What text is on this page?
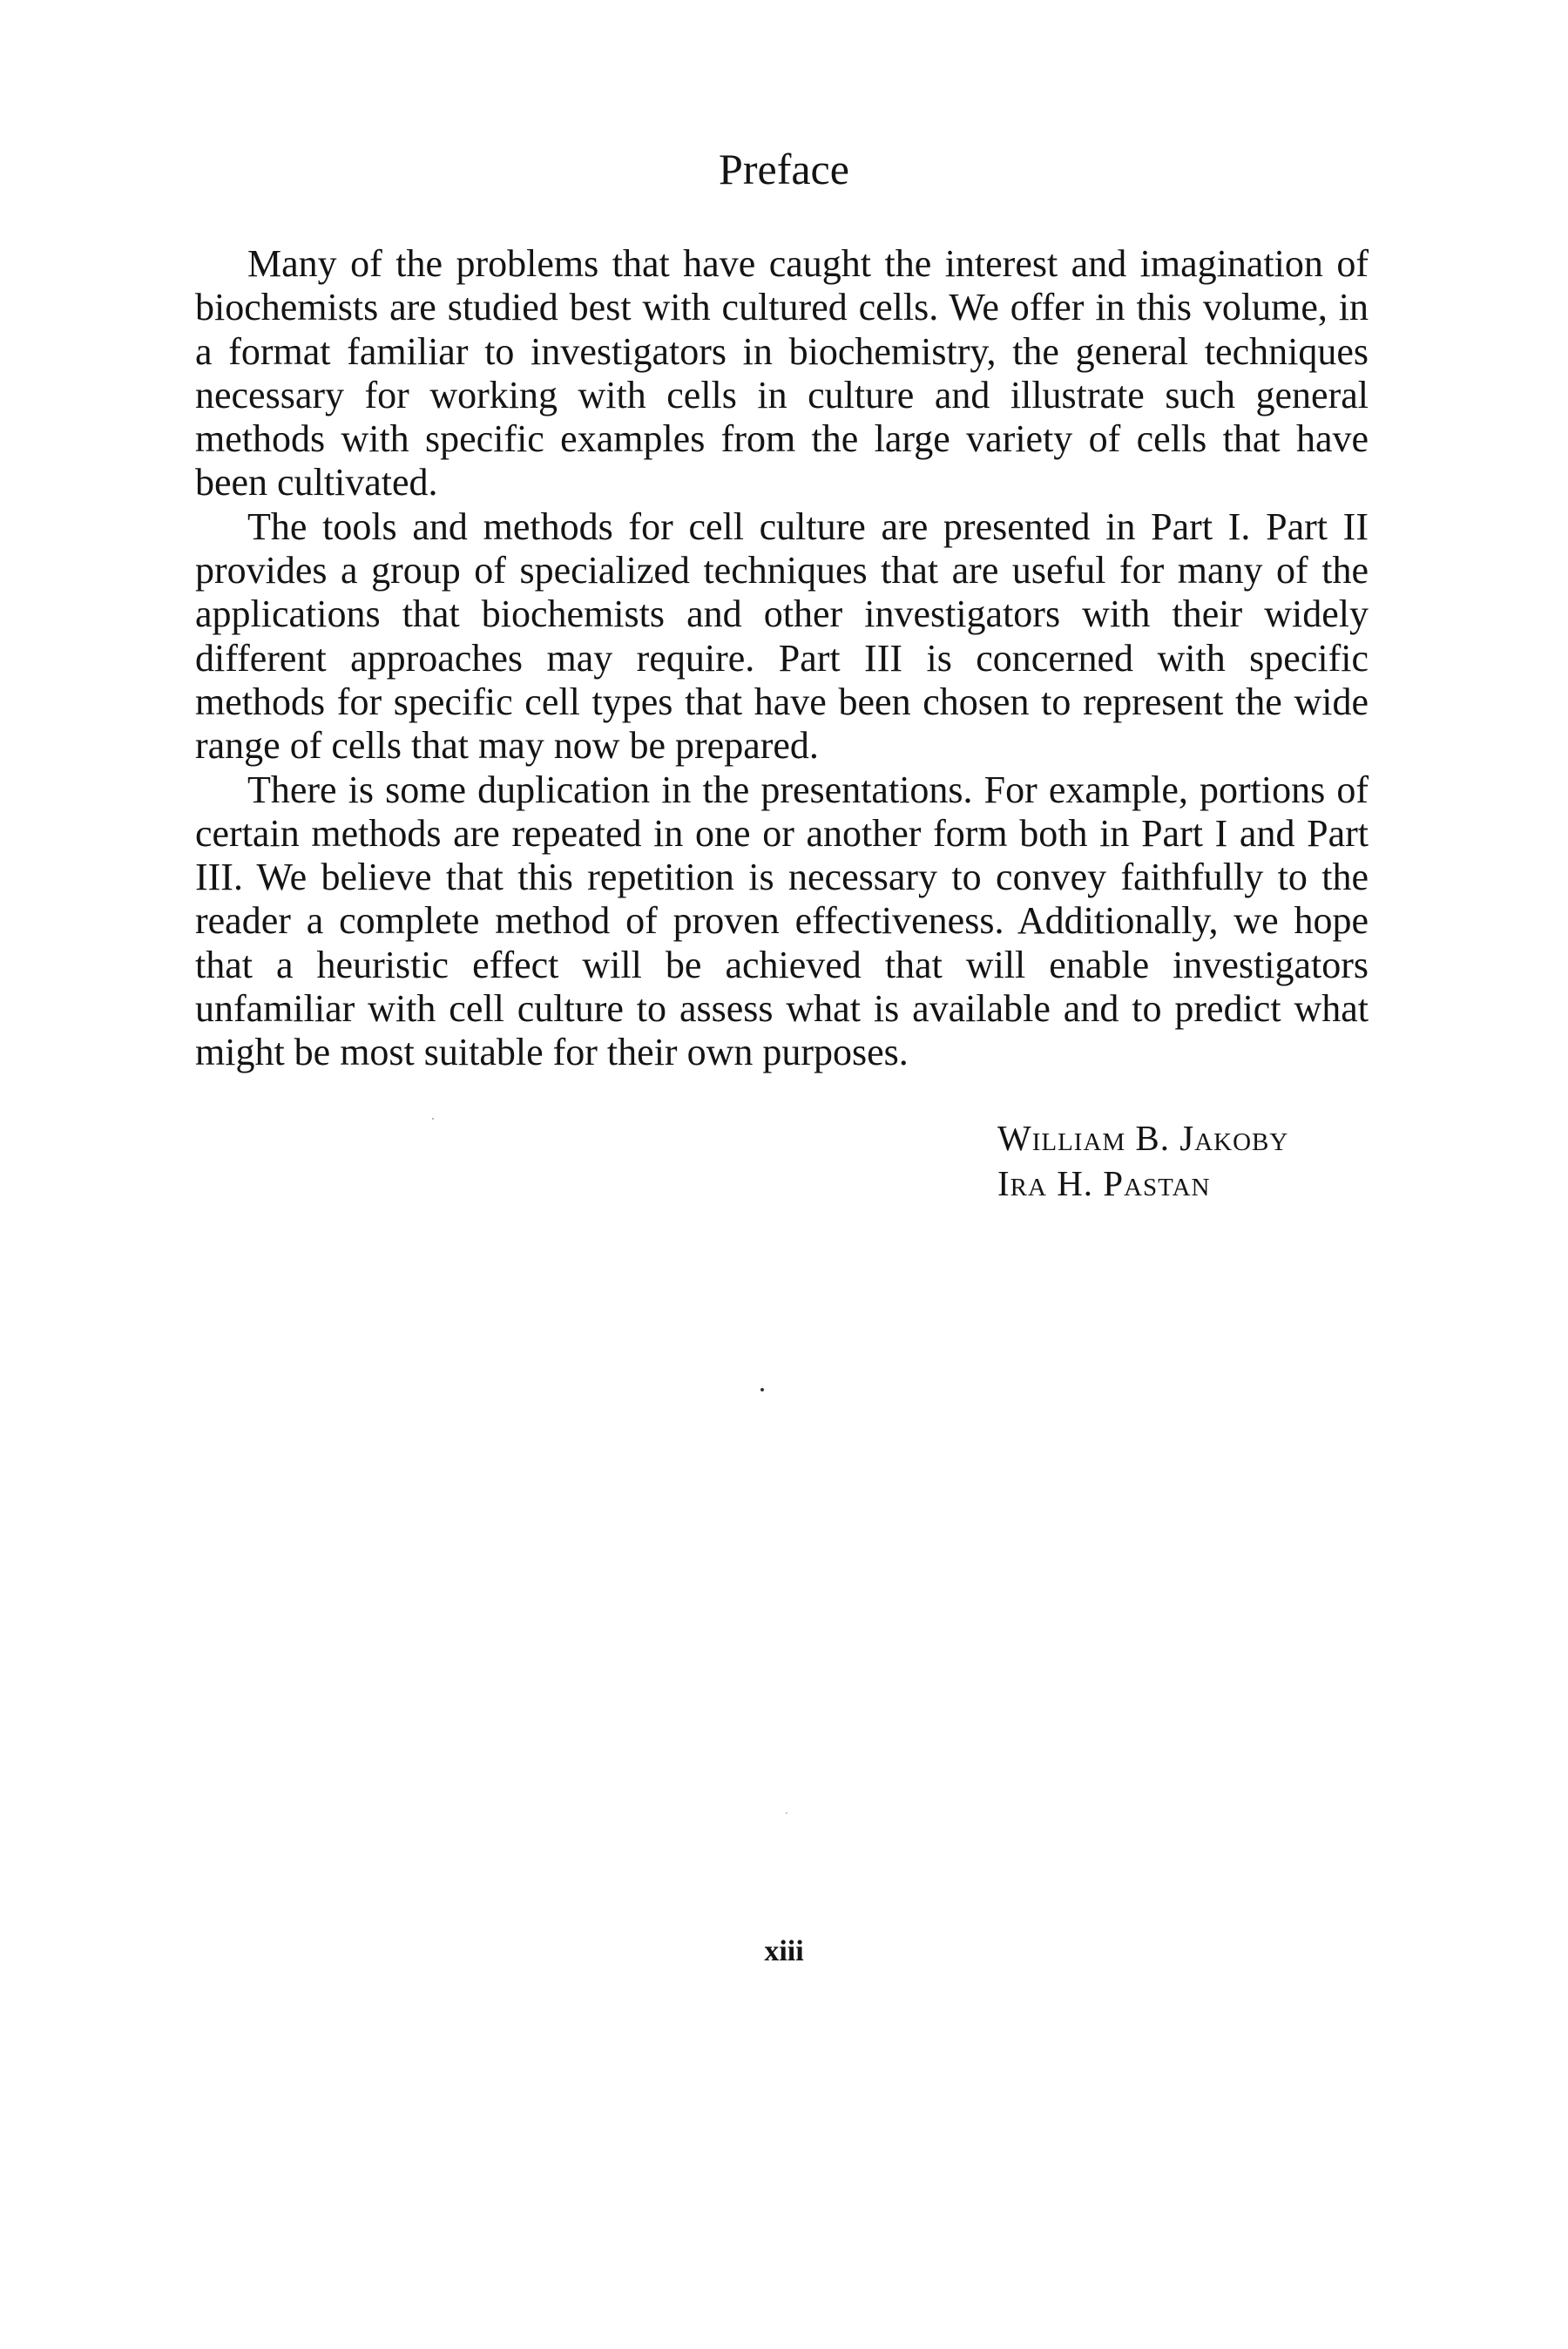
Preface

Many of the problems that have caught the interest and imagination of biochemists are studied best with cultured cells. We offer in this volume, in a format familiar to investigators in biochemistry, the general techniques necessary for working with cells in culture and illustrate such general methods with specific examples from the large variety of cells that have been cultivated.

The tools and methods for cell culture are presented in Part I. Part II provides a group of specialized techniques that are useful for many of the applications that biochemists and other investigators with their widely different approaches may require. Part III is concerned with specific methods for specific cell types that have been chosen to represent the wide range of cells that may now be prepared.

There is some duplication in the presentations. For example, portions of certain methods are repeated in one or another form both in Part I and Part III. We believe that this repetition is necessary to convey faithfully to the reader a complete method of proven effectiveness. Additionally, we hope that a heuristic effect will be achieved that will enable investigators unfamiliar with cell culture to assess what is available and to predict what might be most suitable for their own purposes.

William B. Jakoby
Ira H. Pastan

xiii
